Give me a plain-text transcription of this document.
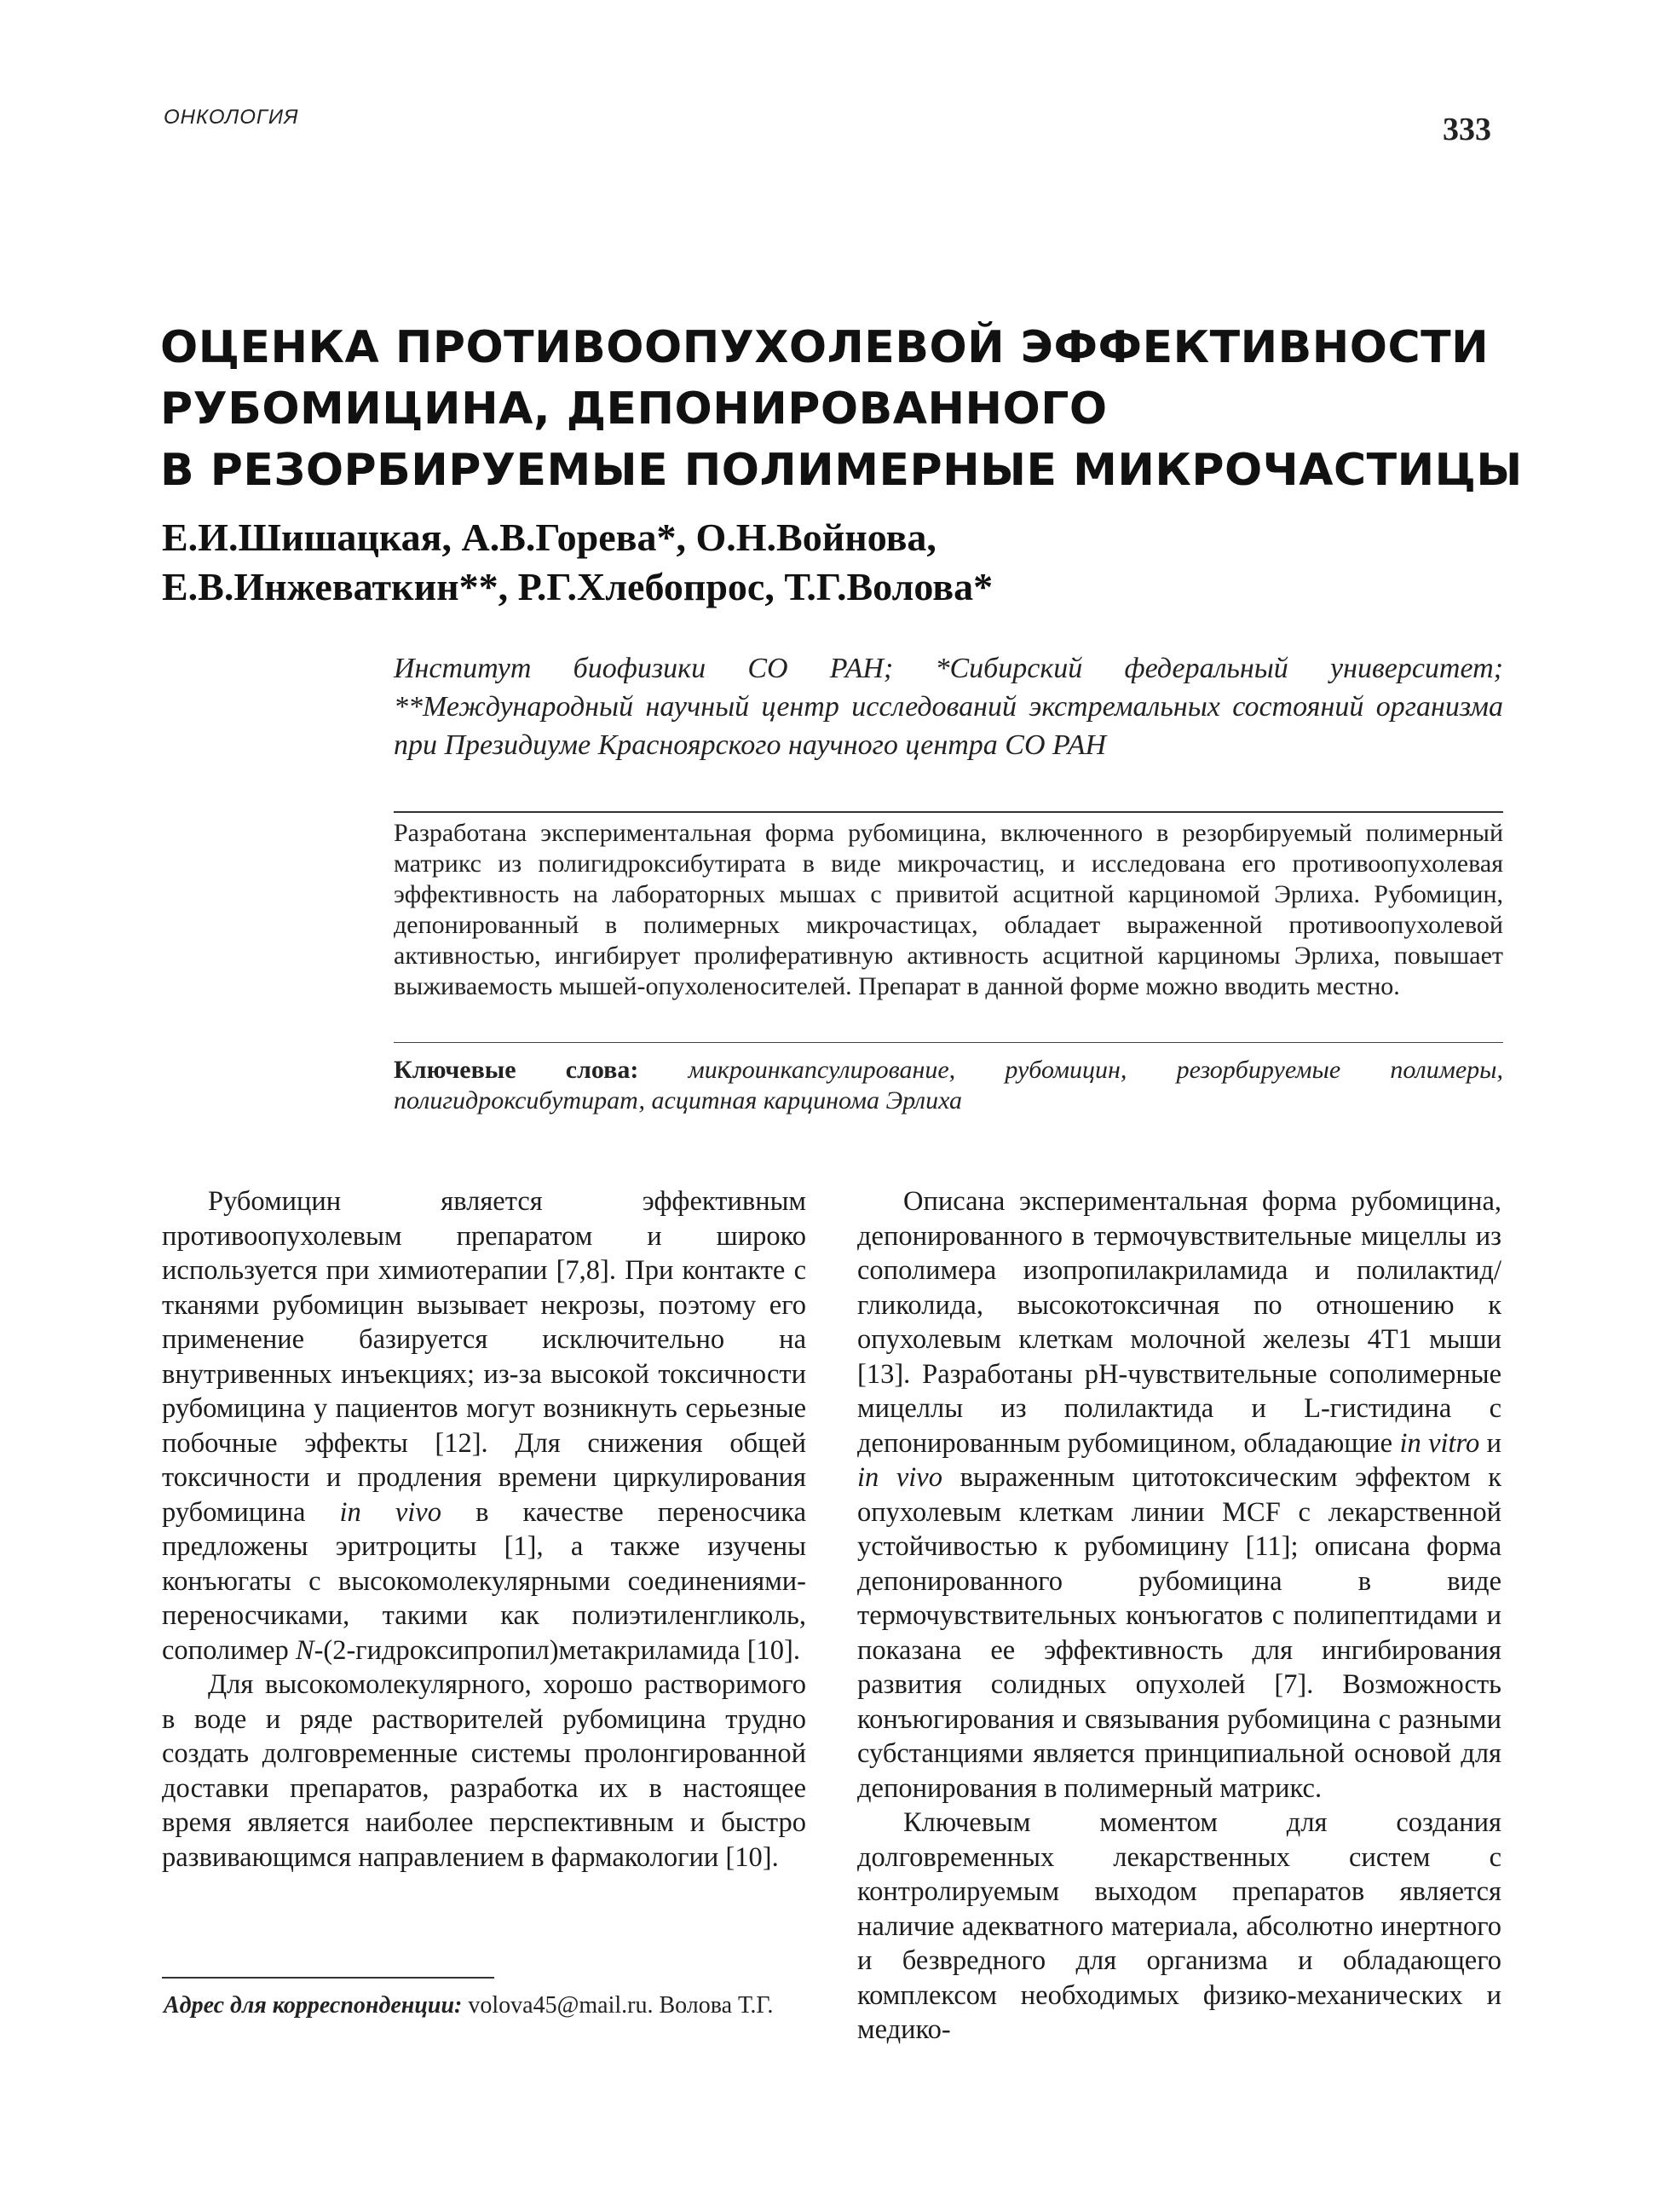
ОНКОЛОГИЯ	333
ОЦЕНКА ПРОТИВООПУХОЛЕВОЙ ЭФФЕКТИВНОСТИ
РУБОМИЦИНА, ДЕПОНИРОВАННОГО
В РЕЗОРБИРУЕМЫЕ ПОЛИМЕРНЫЕ МИКРОЧАСТИЦЫ
Е.И.Шишацкая, А.В.Горева*, О.Н.Войнова,
Е.В.Инжеваткин**, Р.Г.Хлебопрос, Т.Г.Волова*
Институт биофизики СО РАН; *Сибирский федеральный университет; **Международный научный центр исследований экстремальных состояний организма при Президиуме Красноярского научного центра СО РАН
Разработана экспериментальная форма рубомицина, включенного в резорбируемый полимерный матрикс из полигидроксибутирата в виде микрочастиц, и исследована его противоопухолевая эффективность на лабораторных мышах с привитой асцитной карциномой Эрлиха. Рубомицин, депонированный в полимерных микрочастицах, обладает выраженной противоопухолевой активностью, ингибирует пролиферативную активность асцитной карциномы Эрлиха, повышает выживаемость мышей-опухоленосителей. Препарат в данной форме можно вводить местно.
Ключевые слова: микроинкапсулирование, рубомицин, резорбируемые полимеры, полигидроксибутират, асцитная карцинома Эрлиха

Рубомицин является эффективным противоопухолевым препаратом и широко используется при химиотерапии [7,8]. При контакте с тканями рубомицин вызывает некрозы, поэтому его применение базируется исключительно на внутривенных инъекциях; из-за высокой токсичности рубомицина у пациентов могут возникнуть серьезные побочные эффекты [12]. Для снижения общей токсичности и продления времени циркулирования рубомицина in vivo в качестве переносчика предложены эритроциты [1], а также изучены конъюгаты с высокомолекулярными соединениями-переносчиками, такими как полиэтиленгликоль, сополимер N-(2-гидроксипропил)метакриламида [10].

Для высокомолекулярного, хорошо растворимого в воде и ряде растворителей рубомицина трудно создать долговременные системы пролонгированной доставки препаратов, разработка их в настоящее время является наиболее перспективным и быстро развивающимся направлением в фармакологии [10].

Описана экспериментальная форма рубомицина, депонированного в термочувствительные мицеллы из сополимера изопропилакриламида и полилактид/гликолида, высокотоксичная по отношению к опухолевым клеткам молочной железы 4T1 мыши [13]. Разработаны pH-чувствительные сополимерные мицеллы из полилактида и L-гистидина с депонированным рубомицином, обладающие in vitro и in vivo выраженным цитотоксическим эффектом к опухолевым клеткам линии MCF с лекарственной устойчивостью к рубомицину [11]; описана форма депонированного рубомицина в виде термочувствительных конъюгатов с полипептидами и показана ее эффективность для ингибирования развития солидных опухолей [7]. Возможность конъюгирования и связывания рубомицина с разными субстанциями является принципиальной основой для депонирования в полимерный матрикс.

Ключевым моментом для создания долговременных лекарственных систем с контролируемым выходом препаратов является наличие адекватного материала, абсолютно инертного и безвредного для организма и обладающего комплексом необходимых физико-механических и медико-

Адрес для корреспонденции: volova45@mail.ru. Волова Т.Г.
